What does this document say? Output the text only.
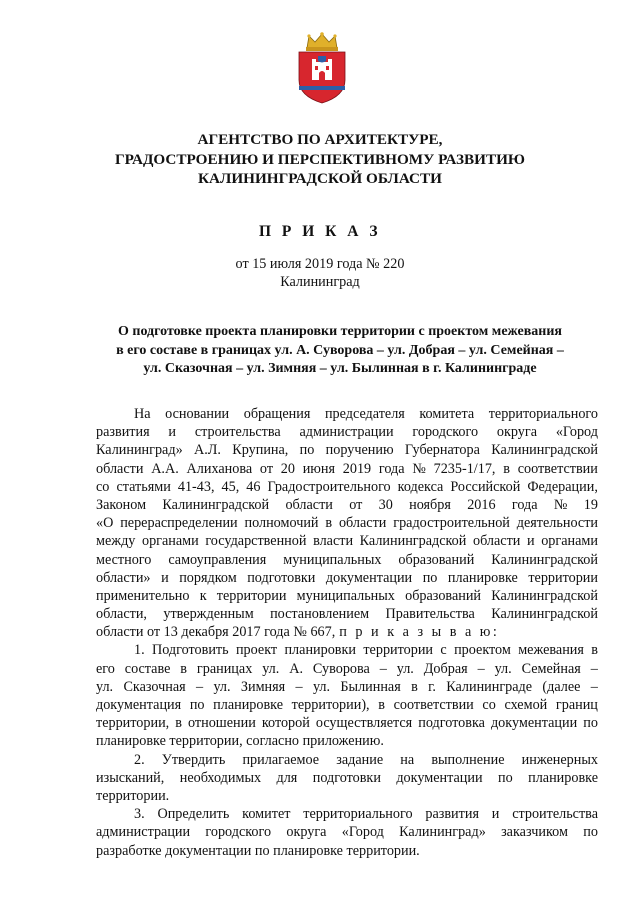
АГЕНТСТВО ПО АРХИТЕКТУРЕ,
ГРАДОСТРОЕНИЮ И ПЕРСПЕКТИВНОМУ РАЗВИТИЮ
КАЛИНИНГРАДСКОЙ ОБЛАСТИ
П Р И К А З
от 15 июля 2019 года № 220
Калининград
О подготовке проекта планировки территории с проектом межевания
в его составе в границах ул. А. Суворова – ул. Добрая – ул. Семейная –
ул. Сказочная – ул. Зимняя – ул. Былинная в г. Калининграде
На основании обращения председателя комитета территориального
развития и строительства администрации городского округа «Город
Калининград» А.Л. Крупина, по поручению Губернатора Калининградской
области А.А. Алиханова от 20 июня 2019 года № 7235-1/17, в соответствии
со статьями 41-43, 45, 46 Градостроительного кодекса Российской Федерации,
Законом Калининградской области от 30 ноября 2016 года № 19
«О перераспределении полномочий в области градостроительной деятельности
между органами государственной власти Калининградской области и органами
местного самоуправления муниципальных образований Калининградской
области» и порядком подготовки документации по планировке территории
применительно к территории муниципальных образований Калининградской
области, утвержденным постановлением Правительства Калининградской
области от 13 декабря 2017 года № 667, п р и к а з ы в а ю:
1. Подготовить проект планировки территории с проектом межевания в
его составе в границах ул. А. Суворова – ул. Добрая – ул. Семейная –
ул. Сказочная – ул. Зимняя – ул. Былинная в г. Калининграде (далее –
документация по планировке территории), в соответствии со схемой границ
территории, в отношении которой осуществляется подготовка документации по
планировке территории, согласно приложению.
2. Утвердить прилагаемое задание на выполнение инженерных
изысканий, необходимых для подготовки документации по планировке
территории.
3. Определить комитет территориального развития и строительства
администрации городского округа «Город Калининград» заказчиком по
разработке документации по планировке территории.
